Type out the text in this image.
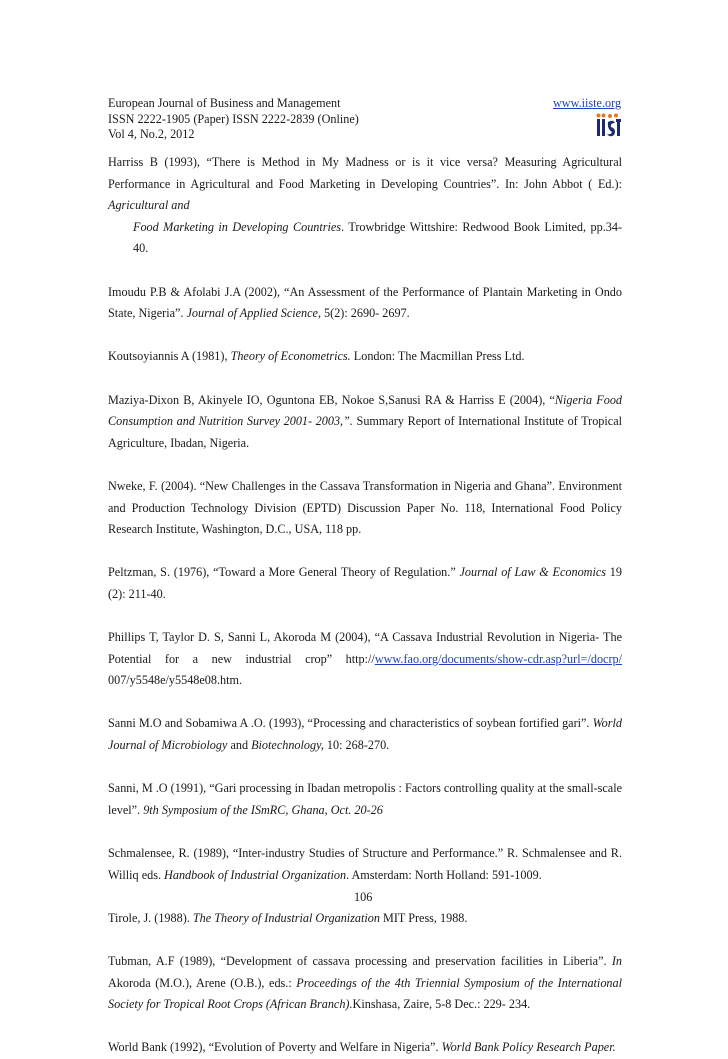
European Journal of Business and Management
ISSN 2222-1905 (Paper) ISSN 2222-2839 (Online)
Vol 4, No.2, 2012
www.iiste.org

Harriss B (1993), “There is Method in My Madness or is it vice versa? Measuring Agricultural Performance in Agricultural and Food Marketing in Developing Countries”. In: John Abbot ( Ed.): Agricultural and
Food Marketing in Developing Countries. Trowbridge Wittshire: Redwood Book Limited, pp.34- 40.

Imoudu P.B & Afolabi J.A (2002), “An Assessment of the Performance of Plantain Marketing in Ondo State, Nigeria”. Journal of Applied Science, 5(2): 2690- 2697.

Koutsoyiannis A (1981), Theory of Econometrics. London: The Macmillan Press Ltd.

Maziya-Dixon B, Akinyele IO, Oguntona EB, Nokoe S,Sanusi RA & Harriss E (2004), “Nigeria Food Consumption and Nutrition Survey 2001- 2003,”. Summary Report of International Institute of Tropical Agriculture, Ibadan, Nigeria.

Nweke, F. (2004). “New Challenges in the Cassava Transformation in Nigeria and Ghana”. Environment and Production Technology Division (EPTD) Discussion Paper No. 118, International Food Policy Research Institute, Washington, D.C., USA, 118 pp.

Peltzman, S. (1976), “Toward a More General Theory of Regulation.” Journal of Law & Economics 19 (2): 211-40.

Phillips T, Taylor D. S, Sanni L, Akoroda M (2004), “A Cassava Industrial Revolution in Nigeria- The Potential for a new industrial crop” http://www.fao.org/documents/show-cdr.asp?url=/docrp/ 007/y5548e/y5548e08.htm.

Sanni M.O and Sobamiwa A .O. (1993), “Processing and characteristics of soybean fortified gari”. World Journal of Microbiology and Biotechnology, 10: 268-270.

Sanni, M .O (1991), “Gari processing in Ibadan metropolis : Factors controlling quality at the small-scale level”. 9th Symposium of the ISmRC, Ghana, Oct. 20-26

Schmalensee, R. (1989), “Inter-industry Studies of Structure and Performance.” R. Schmalensee and R. Williq eds. Handbook of Industrial Organization. Amsterdam: North Holland: 591-1009.

Tirole, J. (1988). The Theory of Industrial Organization MIT Press, 1988.

Tubman, A.F (1989), “Development of cassava processing and preservation facilities in Liberia”. In Akoroda (M.O.), Arene (O.B.), eds.: Proceedings of the 4th Triennial Symposium of the International Society for Tropical Root Crops (African Branch).Kinshasa, Zaire, 5-8 Dec.: 229- 234.

World Bank (1992), “Evolution of Poverty and Welfare in Nigeria”. World Bank Policy Research Paper.

106
